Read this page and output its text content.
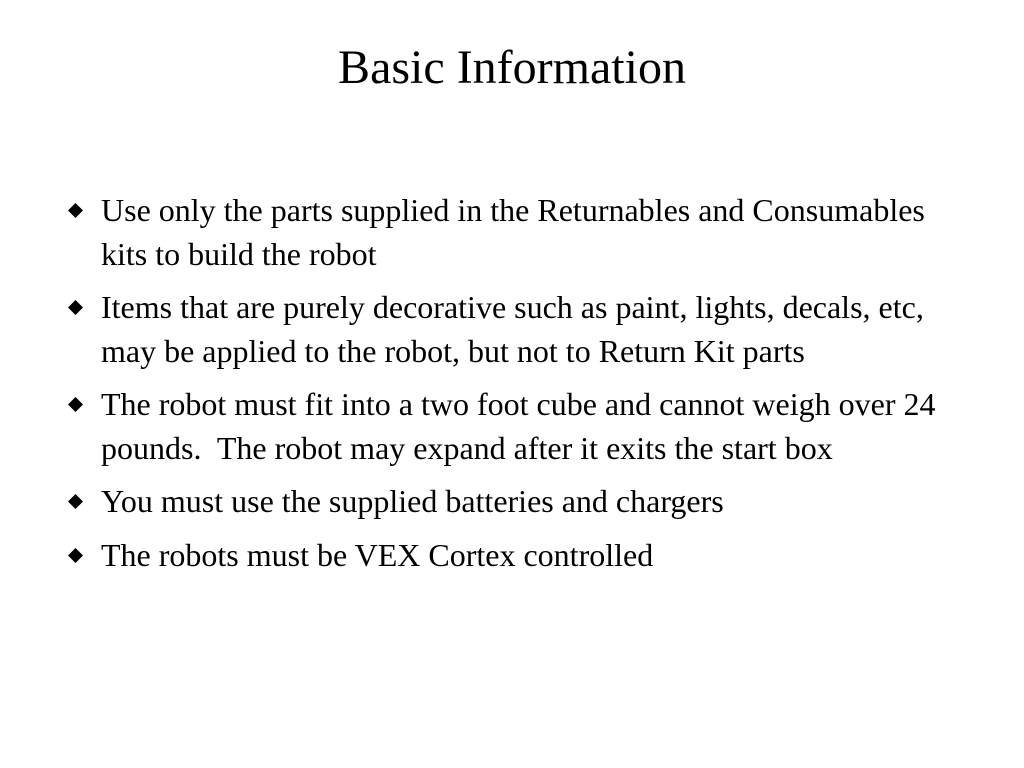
Basic Information
Use only the parts supplied in the Returnables and Consumables kits to build the robot
Items that are purely decorative such as paint, lights, decals, etc, may be applied to the robot, but not to Return Kit parts
The robot must fit into a two foot cube and cannot weigh over 24 pounds.  The robot may expand after it exits the start box
You must use the supplied batteries and chargers
The robots must be VEX Cortex controlled
